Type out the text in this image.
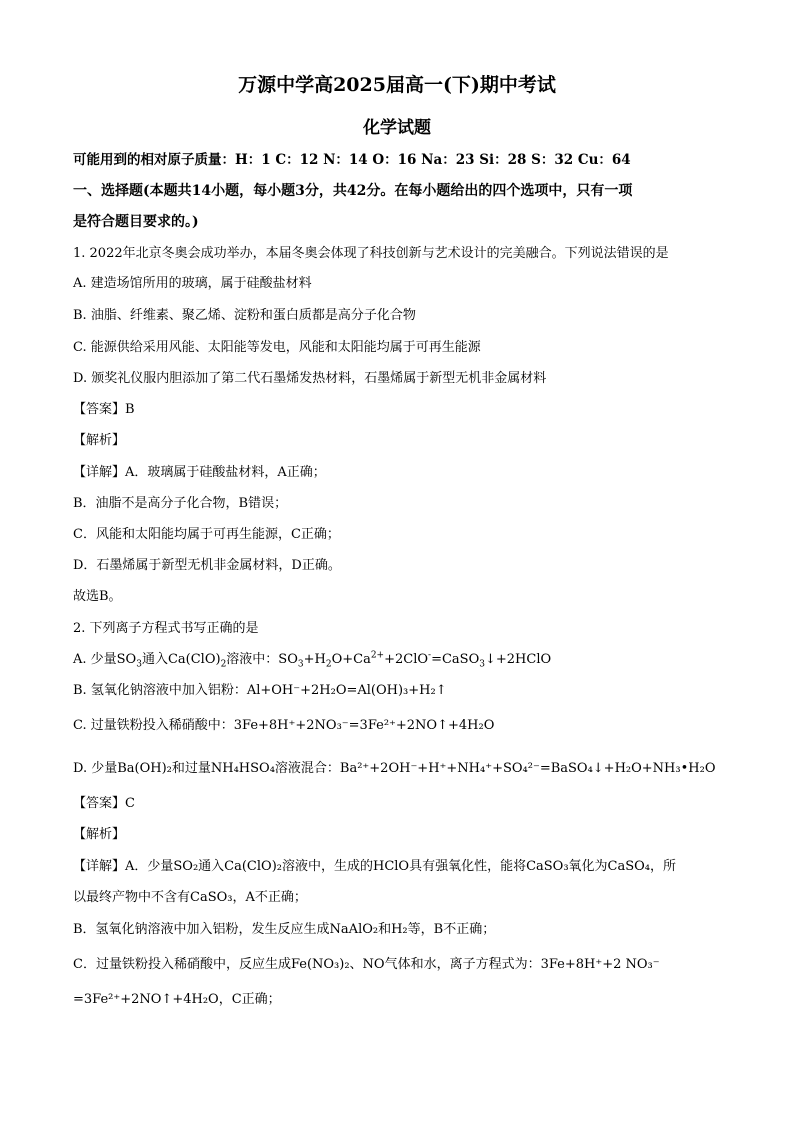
万源中学高2025届高一(下)期中考试
化学试题
可能用到的相对原子质量：H：1 C：12 N：14 O：16 Na：23 Si：28 S：32 Cu：64
一、选择题(本题共14小题，每小题3分，共42分。在每小题给出的四个选项中，只有一项
是符合题目要求的。)
1. 2022年北京冬奥会成功举办，本届冬奥会体现了科技创新与艺术设计的完美融合。下列说法错误的是
A. 建造场馆所用的玻璃，属于硅酸盐材料
B. 油脂、纤维素、聚乙烯、淀粉和蛋白质都是高分子化合物
C. 能源供给采用风能、太阳能等发电，风能和太阳能均属于可再生能源
D. 颁奖礼仪服内胆添加了第二代石墨烯发热材料，石墨烯属于新型无机非金属材料
【答案】B
【解析】
【详解】A．玻璃属于硅酸盐材料，A正确；
B．油脂不是高分子化合物，B错误；
C．风能和太阳能均属于可再生能源，C正确；
D．石墨烯属于新型无机非金属材料，D正确。
故选B。
2. 下列离子方程式书写正确的是
A. 少量$SO_3$通入$Ca(ClO)_2$溶液中：$SO_3+H_2O+Ca^{2+}+2ClO^-=CaSO_3↓+2HClO$
B. 氢氧化钠溶液中加入铝粉：Al+OH⁻+2H₂O=Al(OH)₃+H₂↑
C. 过量铁粉投入稀硝酸中：3Fe+8H⁺+2NO₃⁻=3Fe²⁺+2NO↑+4H₂O
D. 少量Ba(OH)₂和过量NH₄HSO₄溶液混合：Ba²⁺+2OH⁻+H⁺+NH₄⁺+SO₄²⁻=BaSO₄↓+H₂O+NH₃•H₂O
【答案】C
【解析】
【详解】A．少量SO₂通入Ca(ClO)₂溶液中，生成的HClO具有强氧化性，能将CaSO₃氧化为CaSO₄，所
以最终产物中不含有CaSO₃，A不正确；
B．氢氧化钠溶液中加入铝粉，发生反应生成NaAlO₂和H₂等，B不正确；
C．过量铁粉投入稀硝酸中，反应生成Fe(NO₃)₂、NO气体和水，离子方程式为：3Fe+8H⁺+2 NO₃⁻
=3Fe²⁺+2NO↑+4H₂O，C正确；
